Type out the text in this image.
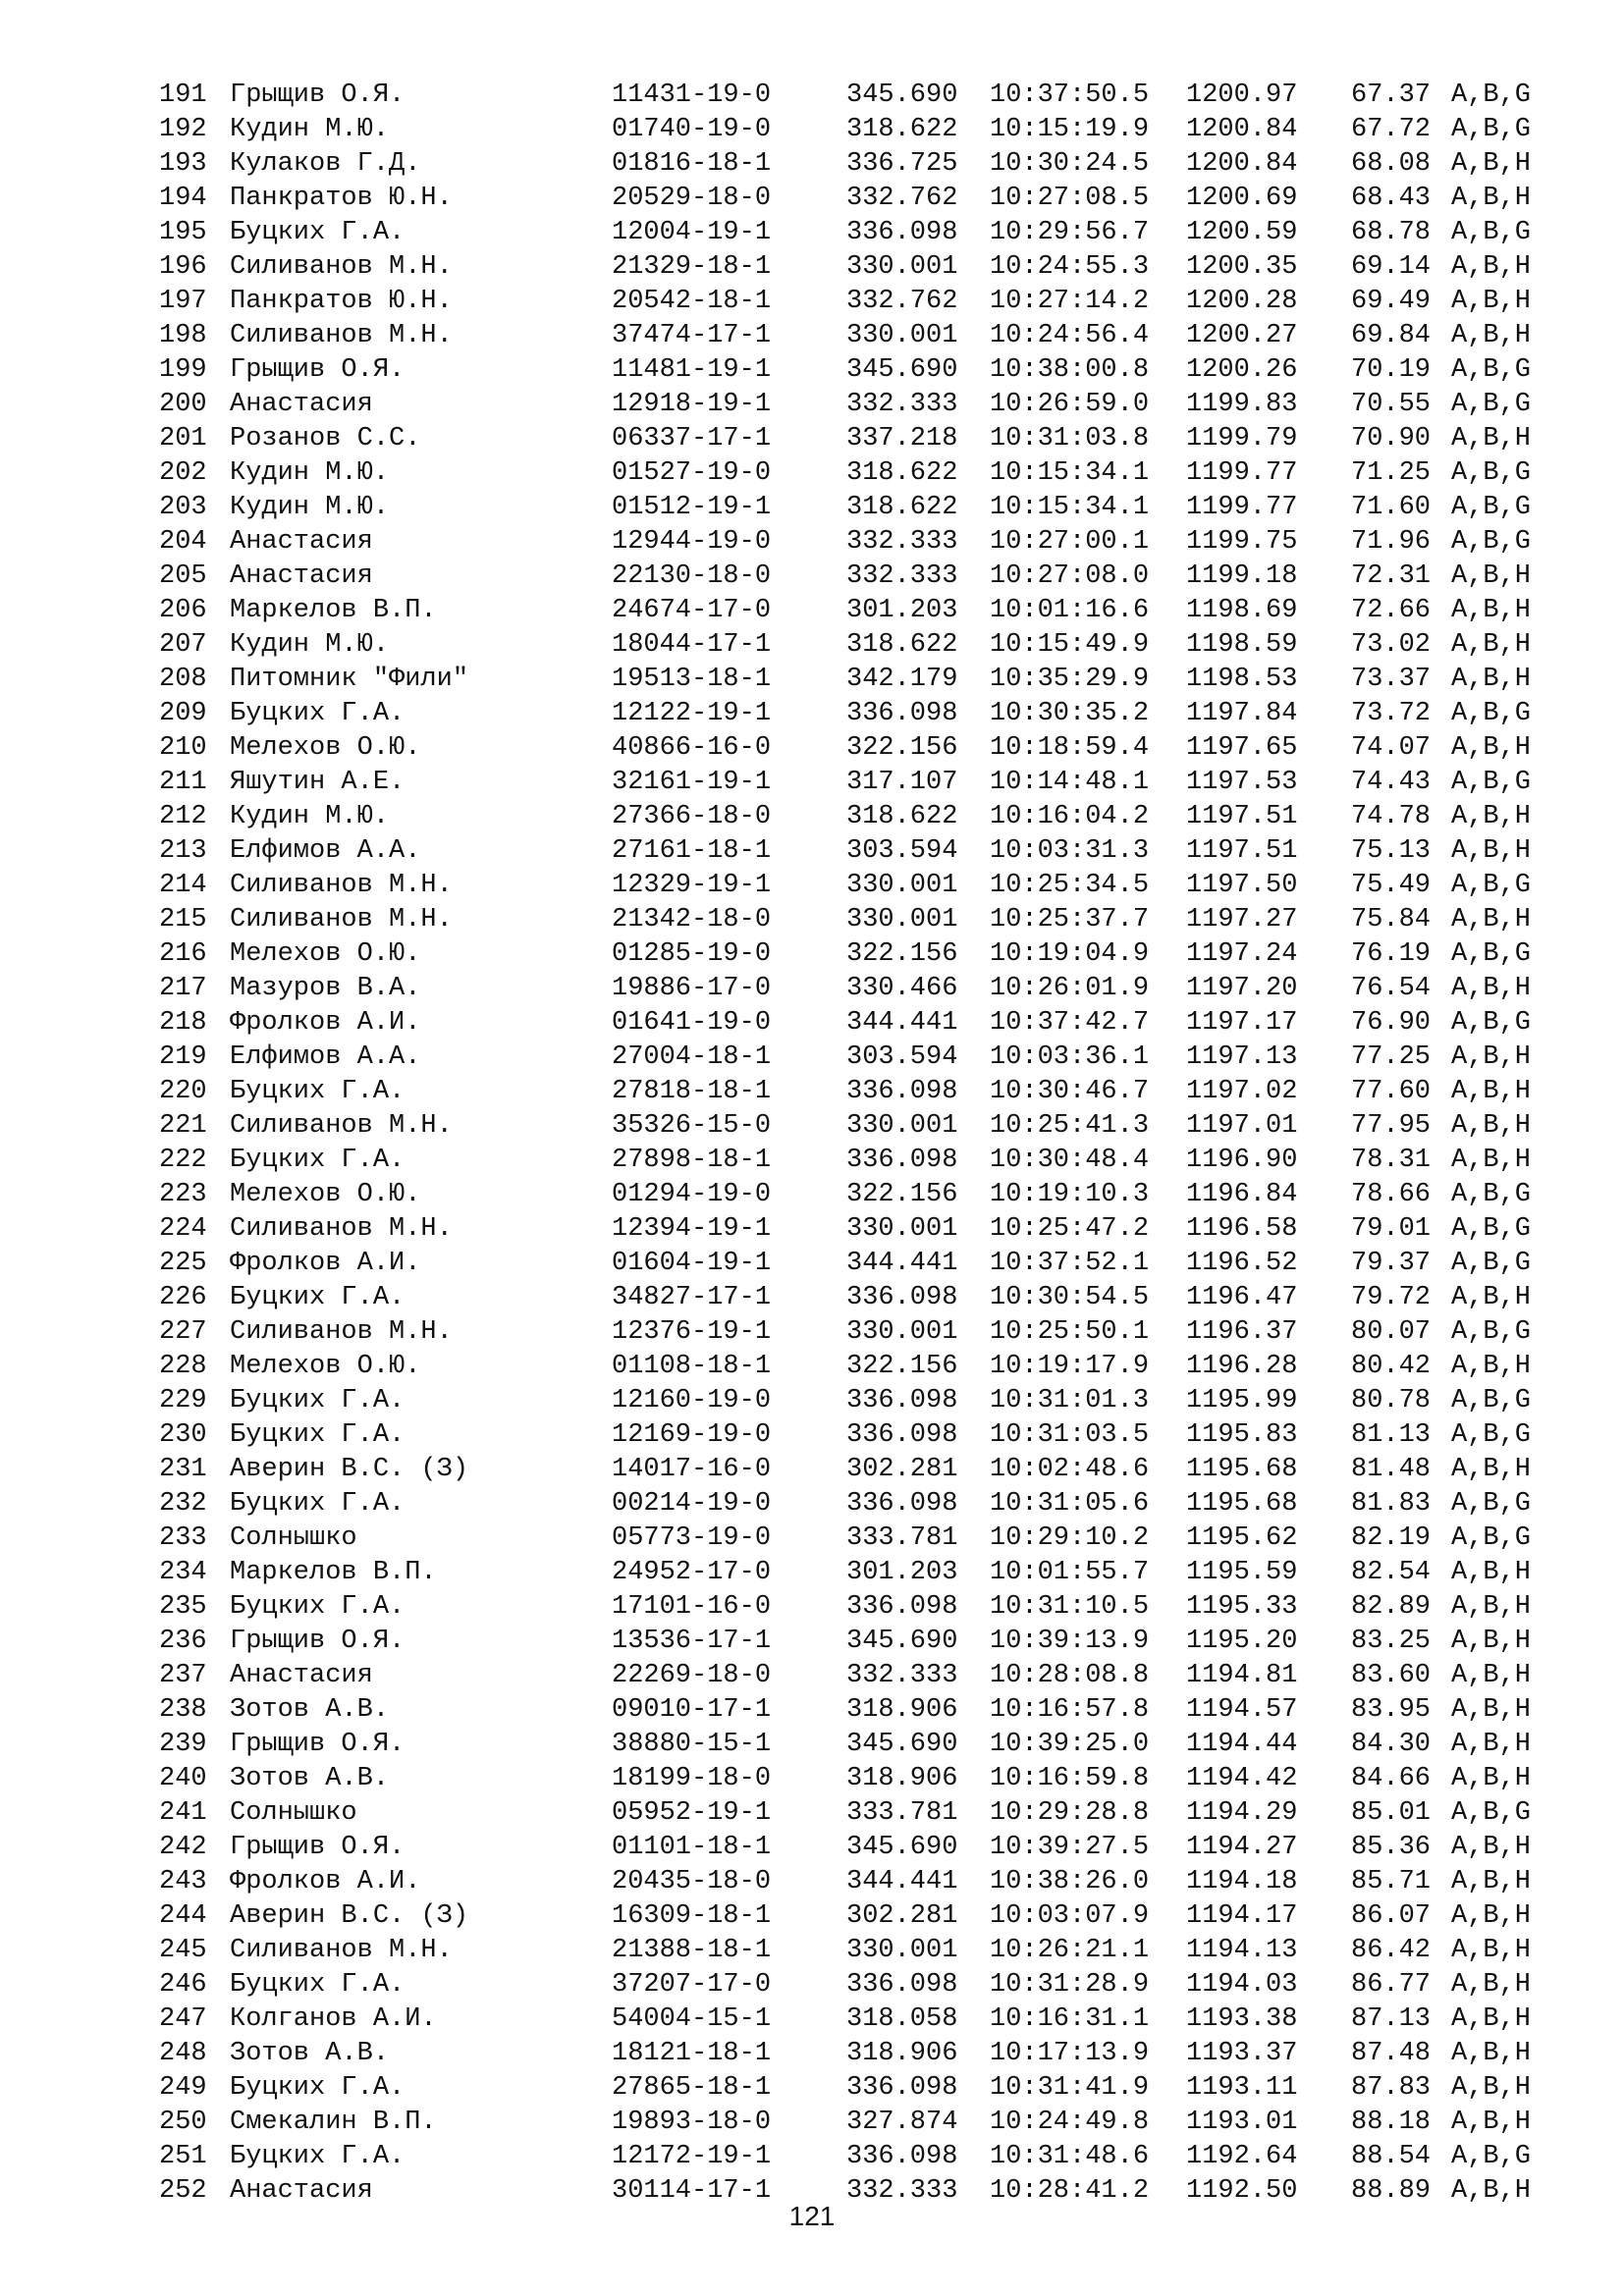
191 Грыщив О.Я.	11431-19-0	345.690 10:37:50.5 1200.97 67.37 A,B,G
192 Кудин М.Ю.	01740-19-0	318.622 10:15:19.9 1200.84 67.72 A,B,G
193 Кулаков Г.Д.	01816-18-1	336.725 10:30:24.5 1200.84 68.08 A,B,H
194 Панкратов Ю.Н.	20529-18-0	332.762 10:27:08.5 1200.69 68.43 A,B,H
195 Буцких Г.А.	12004-19-1	336.098 10:29:56.7 1200.59 68.78 A,B,G
196 Силиванов М.Н.	21329-18-1	330.001 10:24:55.3 1200.35 69.14 A,B,H
197 Панкратов Ю.Н.	20542-18-1	332.762 10:27:14.2 1200.28 69.49 A,B,H
198 Силиванов М.Н.	37474-17-1	330.001 10:24:56.4 1200.27 69.84 A,B,H
199 Грыщив О.Я.	11481-19-1	345.690 10:38:00.8 1200.26 70.19 A,B,G
200 Анастасия	12918-19-1	332.333 10:26:59.0 1199.83 70.55 A,B,G
201 Розанов С.С.	06337-17-1	337.218 10:31:03.8 1199.79 70.90 A,B,H
202 Кудин М.Ю.	01527-19-0	318.622 10:15:34.1 1199.77 71.25 A,B,G
203 Кудин М.Ю.	01512-19-1	318.622 10:15:34.1 1199.77 71.60 A,B,G
204 Анастасия	12944-19-0	332.333 10:27:00.1 1199.75 71.96 A,B,G
205 Анастасия	22130-18-0	332.333 10:27:08.0 1199.18 72.31 A,B,H
206 Маркелов В.П.	24674-17-0	301.203 10:01:16.6 1198.69 72.66 A,B,H
207 Кудин М.Ю.	18044-17-1	318.622 10:15:49.9 1198.59 73.02 A,B,H
208 Питомник "Фили"	19513-18-1	342.179 10:35:29.9 1198.53 73.37 A,B,H
209 Буцких Г.А.	12122-19-1	336.098 10:30:35.2 1197.84 73.72 A,B,G
210 Мелехов О.Ю.	40866-16-0	322.156 10:18:59.4 1197.65 74.07 A,B,H
211 Яшутин А.Е.	32161-19-1	317.107 10:14:48.1 1197.53 74.43 A,B,G
212 Кудин М.Ю.	27366-18-0	318.622 10:16:04.2 1197.51 74.78 A,B,H
213 Елфимов А.А.	27161-18-1	303.594 10:03:31.3 1197.51 75.13 A,B,H
214 Силиванов М.Н.	12329-19-1	330.001 10:25:34.5 1197.50 75.49 A,B,G
215 Силиванов М.Н.	21342-18-0	330.001 10:25:37.7 1197.27 75.84 A,B,H
216 Мелехов О.Ю.	01285-19-0	322.156 10:19:04.9 1197.24 76.19 A,B,G
217 Мазуров В.А.	19886-17-0	330.466 10:26:01.9 1197.20 76.54 A,B,H
218 Фролков А.И.	01641-19-0	344.441 10:37:42.7 1197.17 76.90 A,B,G
219 Елфимов А.А.	27004-18-1	303.594 10:03:36.1 1197.13 77.25 A,B,H
220 Буцких Г.А.	27818-18-1	336.098 10:30:46.7 1197.02 77.60 A,B,H
221 Силиванов М.Н.	35326-15-0	330.001 10:25:41.3 1197.01 77.95 A,B,H
222 Буцких Г.А.	27898-18-1	336.098 10:30:48.4 1196.90 78.31 A,B,H
223 Мелехов О.Ю.	01294-19-0	322.156 10:19:10.3 1196.84 78.66 A,B,G
224 Силиванов М.Н.	12394-19-1	330.001 10:25:47.2 1196.58 79.01 A,B,G
225 Фролков А.И.	01604-19-1	344.441 10:37:52.1 1196.52 79.37 A,B,G
226 Буцких Г.А.	34827-17-1	336.098 10:30:54.5 1196.47 79.72 A,B,H
227 Силиванов М.Н.	12376-19-1	330.001 10:25:50.1 1196.37 80.07 A,B,G
228 Мелехов О.Ю.	01108-18-1	322.156 10:19:17.9 1196.28 80.42 A,B,H
229 Буцких Г.А.	12160-19-0	336.098 10:31:01.3 1195.99 80.78 A,B,G
230 Буцких Г.А.	12169-19-0	336.098 10:31:03.5 1195.83 81.13 A,B,G
231 Аверин В.С. (З)	14017-16-0	302.281 10:02:48.6 1195.68 81.48 A,B,H
232 Буцких Г.А.	00214-19-0	336.098 10:31:05.6 1195.68 81.83 A,B,G
233 Солнышко	05773-19-0	333.781 10:29:10.2 1195.62 82.19 A,B,G
234 Маркелов В.П.	24952-17-0	301.203 10:01:55.7 1195.59 82.54 A,B,H
235 Буцких Г.А.	17101-16-0	336.098 10:31:10.5 1195.33 82.89 A,B,H
236 Грыщив О.Я.	13536-17-1	345.690 10:39:13.9 1195.20 83.25 A,B,H
237 Анастасия	22269-18-0	332.333 10:28:08.8 1194.81 83.60 A,B,H
238 Зотов А.В.	09010-17-1	318.906 10:16:57.8 1194.57 83.95 A,B,H
239 Грыщив О.Я.	38880-15-1	345.690 10:39:25.0 1194.44 84.30 A,B,H
240 Зотов А.В.	18199-18-0	318.906 10:16:59.8 1194.42 84.66 A,B,H
241 Солнышко	05952-19-1	333.781 10:29:28.8 1194.29 85.01 A,B,G
242 Грыщив О.Я.	01101-18-1	345.690 10:39:27.5 1194.27 85.36 A,B,H
243 Фролков А.И.	20435-18-0	344.441 10:38:26.0 1194.18 85.71 A,B,H
244 Аверин В.С. (З)	16309-18-1	302.281 10:03:07.9 1194.17 86.07 A,B,H
245 Силиванов М.Н.	21388-18-1	330.001 10:26:21.1 1194.13 86.42 A,B,H
246 Буцких Г.А.	37207-17-0	336.098 10:31:28.9 1194.03 86.77 A,B,H
247 Колганов А.И.	54004-15-1	318.058 10:16:31.1 1193.38 87.13 A,B,H
248 Зотов А.В.	18121-18-1	318.906 10:17:13.9 1193.37 87.48 A,B,H
249 Буцких Г.А.	27865-18-1	336.098 10:31:41.9 1193.11 87.83 A,B,H
250 Смекалин В.П.	19893-18-0	327.874 10:24:49.8 1193.01 88.18 A,B,H
251 Буцких Г.А.	12172-19-1	336.098 10:31:48.6 1192.64 88.54 A,B,G
252 Анастасия	30114-17-1	332.333 10:28:41.2 1192.50 88.89 A,B,H
121
